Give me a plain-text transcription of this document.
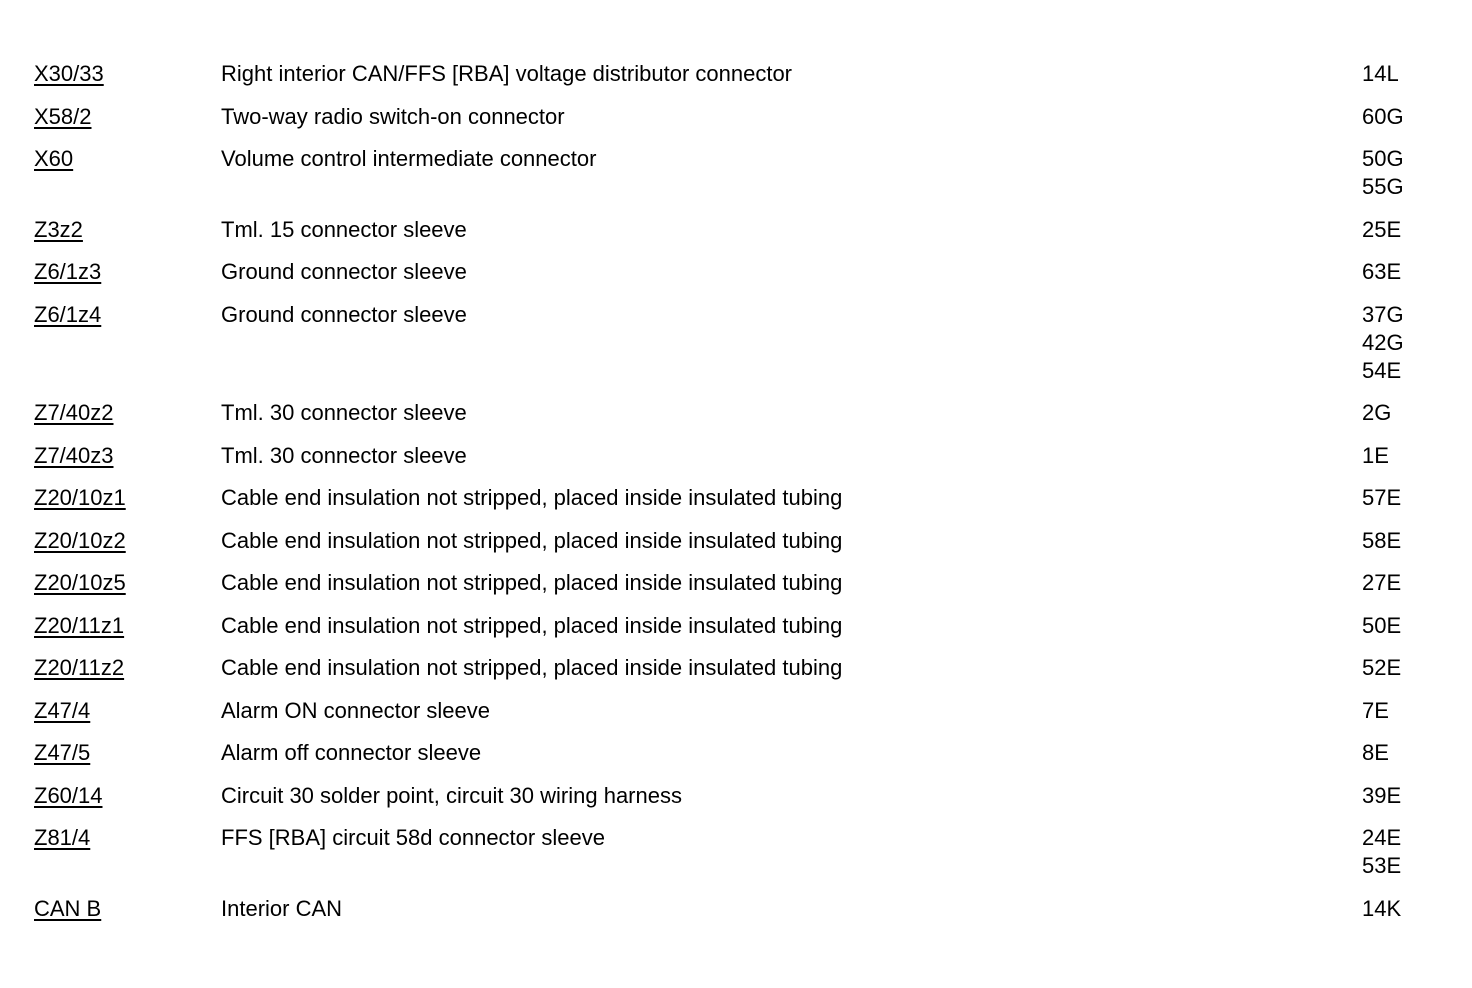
X30/33	Right interior CAN/FFS [RBA] voltage distributor connector	14L
X58/2	Two-way radio switch-on connector	60G
X60	Volume control intermediate connector	50G
55G
Z3z2	Tml. 15 connector sleeve	25E
Z6/1z3	Ground connector sleeve	63E
Z6/1z4	Ground connector sleeve	37G
42G
54E
Z7/40z2	Tml. 30 connector sleeve	2G
Z7/40z3	Tml. 30 connector sleeve	1E
Z20/10z1	Cable end insulation not stripped, placed inside insulated tubing	57E
Z20/10z2	Cable end insulation not stripped, placed inside insulated tubing	58E
Z20/10z5	Cable end insulation not stripped, placed inside insulated tubing	27E
Z20/11z1	Cable end insulation not stripped, placed inside insulated tubing	50E
Z20/11z2	Cable end insulation not stripped, placed inside insulated tubing	52E
Z47/4	Alarm ON connector sleeve	7E
Z47/5	Alarm off connector sleeve	8E
Z60/14	Circuit 30 solder point, circuit 30 wiring harness	39E
Z81/4	FFS [RBA] circuit 58d connector sleeve	24E
53E
CAN B	Interior CAN	14K
